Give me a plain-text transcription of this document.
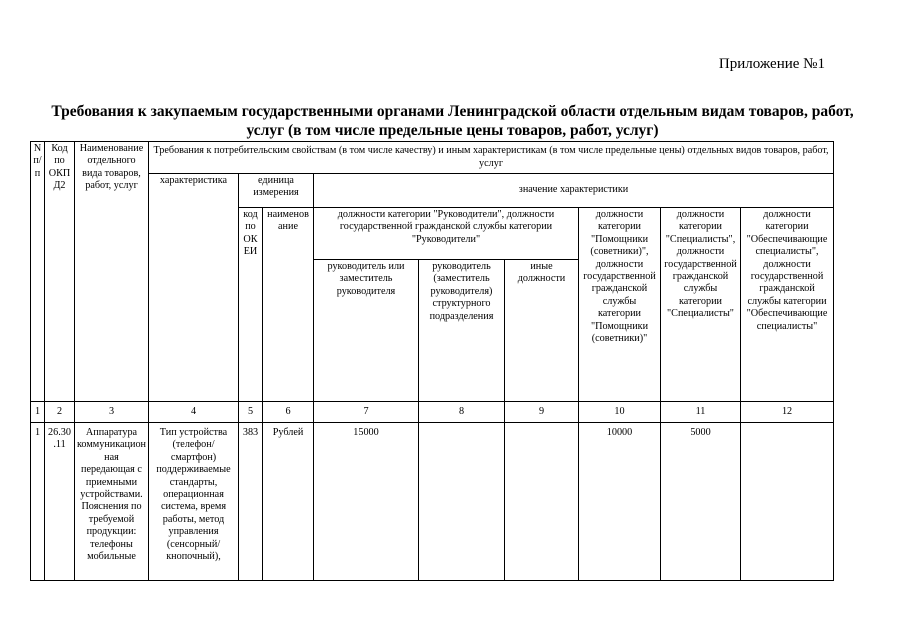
Приложение №1
Требования к закупаемым государственными органами Ленинградской области отдельным видам товаров, работ,
услуг (в том числе предельные цены товаров, работ, услуг)
N п/п	Код по ОКПД2	Наименование отдельного вида товаров, работ, услуг	Требования к потребительским свойствам (в том числе качеству) и иным характеристикам (в том числе предельные цены) отдельных видов товаров, работ, услуг								
			характеристика	единица измерения		значение характеристики					
				код по ОКЕИ	наименование	должности категории "Руководители", должности государственной гражданской службы категории "Руководители"			должности категории "Помощники (советники)", должности государственной гражданской службы категории "Помощники (советники)"	должности категории "Специалисты", должности государственной гражданской службы категории "Специалисты"	должности категории "Обеспечивающие специалисты", должности государственной гражданской службы категории "Обеспечивающие специалисты"
						руководитель или заместитель руководителя	руководитель (заместитель руководителя) структурного подразделения	иные должности			
1	2	3	4	5	6	7	8	9	10	11	12
1	26.30.11	Аппаратура коммуникационная передающая с приемными устройствами. Пояснения по требуемой продукции: телефоны мобильные	Тип устройства (телефон/смартфон) поддерживаемые стандарты, операционная система, время работы, метод управления (сенсорный/кнопочный),	383	Рублей	15000			10000	5000	
